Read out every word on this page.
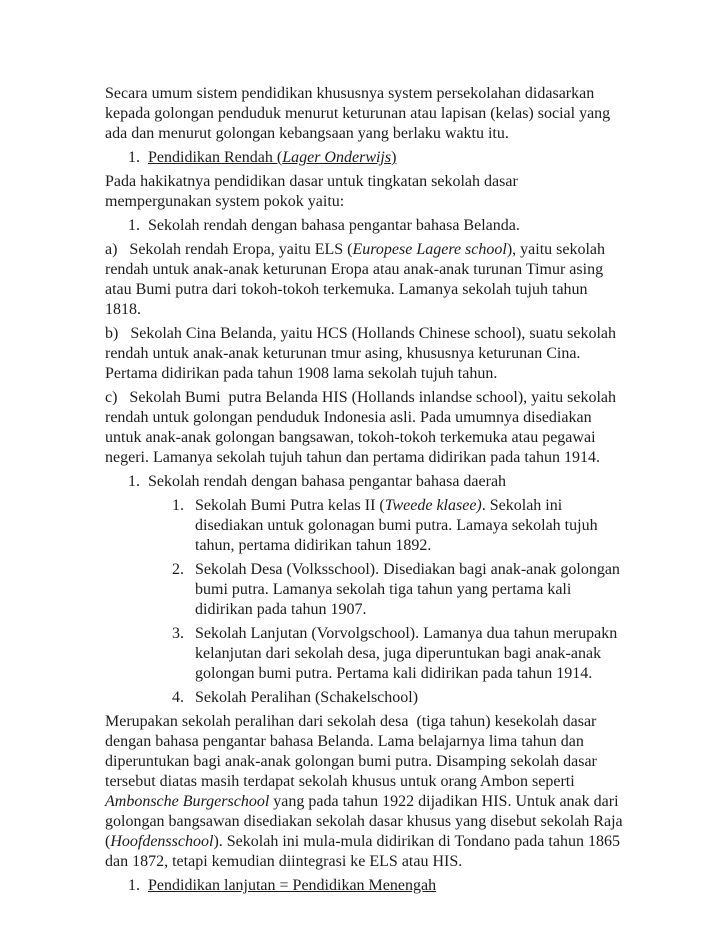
Secara umum sistem pendidikan khususnya system persekolahan didasarkan kepada golongan penduduk menurut keturunan atau lapisan (kelas) social yang ada dan menurut golongan kebangsaan yang berlaku waktu itu.
1. Pendidikan Rendah (Lager Onderwijs)
Pada hakikatnya pendidikan dasar untuk tingkatan sekolah dasar mempergunakan system pokok yaitu:
1. Sekolah rendah dengan bahasa pengantar bahasa Belanda.
a)   Sekolah rendah Eropa, yaitu ELS (Europese Lagere school), yaitu sekolah rendah untuk anak-anak keturunan Eropa atau anak-anak turunan Timur asing  atau Bumi putra dari tokoh-tokoh terkemuka. Lamanya sekolah tujuh tahun 1818.
b)   Sekolah Cina Belanda, yaitu HCS (Hollands Chinese school), suatu sekolah rendah untuk anak-anak keturunan tmur asing, khususnya keturunan Cina. Pertama didirikan pada tahun 1908 lama sekolah tujuh tahun.
c)   Sekolah Bumi  putra Belanda HIS (Hollands inlandse school), yaitu sekolah rendah untuk golongan penduduk Indonesia asli. Pada umumnya disediakan untuk anak-anak golongan bangsawan, tokoh-tokoh terkemuka atau pegawai negeri. Lamanya sekolah tujuh tahun dan pertama didirikan pada tahun 1914.
1. Sekolah rendah dengan bahasa pengantar bahasa daerah
1. Sekolah Bumi Putra kelas II (Tweede klasee). Sekolah ini disediakan untuk golonagan bumi putra. Lamaya sekolah tujuh tahun, pertama didirikan tahun 1892.
2. Sekolah Desa (Volksschool). Disediakan bagi anak-anak golongan bumi putra. Lamanya sekolah tiga tahun yang pertama kali didirikan pada tahun 1907.
3. Sekolah Lanjutan (Vorvolgschool). Lamanya dua tahun merupakn kelanjutan dari sekolah desa, juga diperuntukan bagi anak-anak golongan bumi putra. Pertama kali didirikan pada tahun 1914.
4. Sekolah Peralihan (Schakelschool)
Merupakan sekolah peralihan dari sekolah desa  (tiga tahun) kesekolah dasar dengan bahasa pengantar bahasa Belanda. Lama belajarnya lima tahun dan diperuntukan bagi anak-anak golongan bumi putra. Disamping sekolah dasar tersebut diatas masih terdapat sekolah khusus untuk orang Ambon seperti Ambonsche Burgerschool yang pada tahun 1922 dijadikan HIS. Untuk anak dari golongan bangsawan disediakan sekolah dasar khusus yang disebut sekolah Raja (Hoofdensschool). Sekolah ini mula-mula didirikan di Tondano pada tahun 1865 dan 1872, tetapi kemudian diintegrasi ke ELS atau HIS.
1. Pendidikan lanjutan = Pendidikan Menengah
